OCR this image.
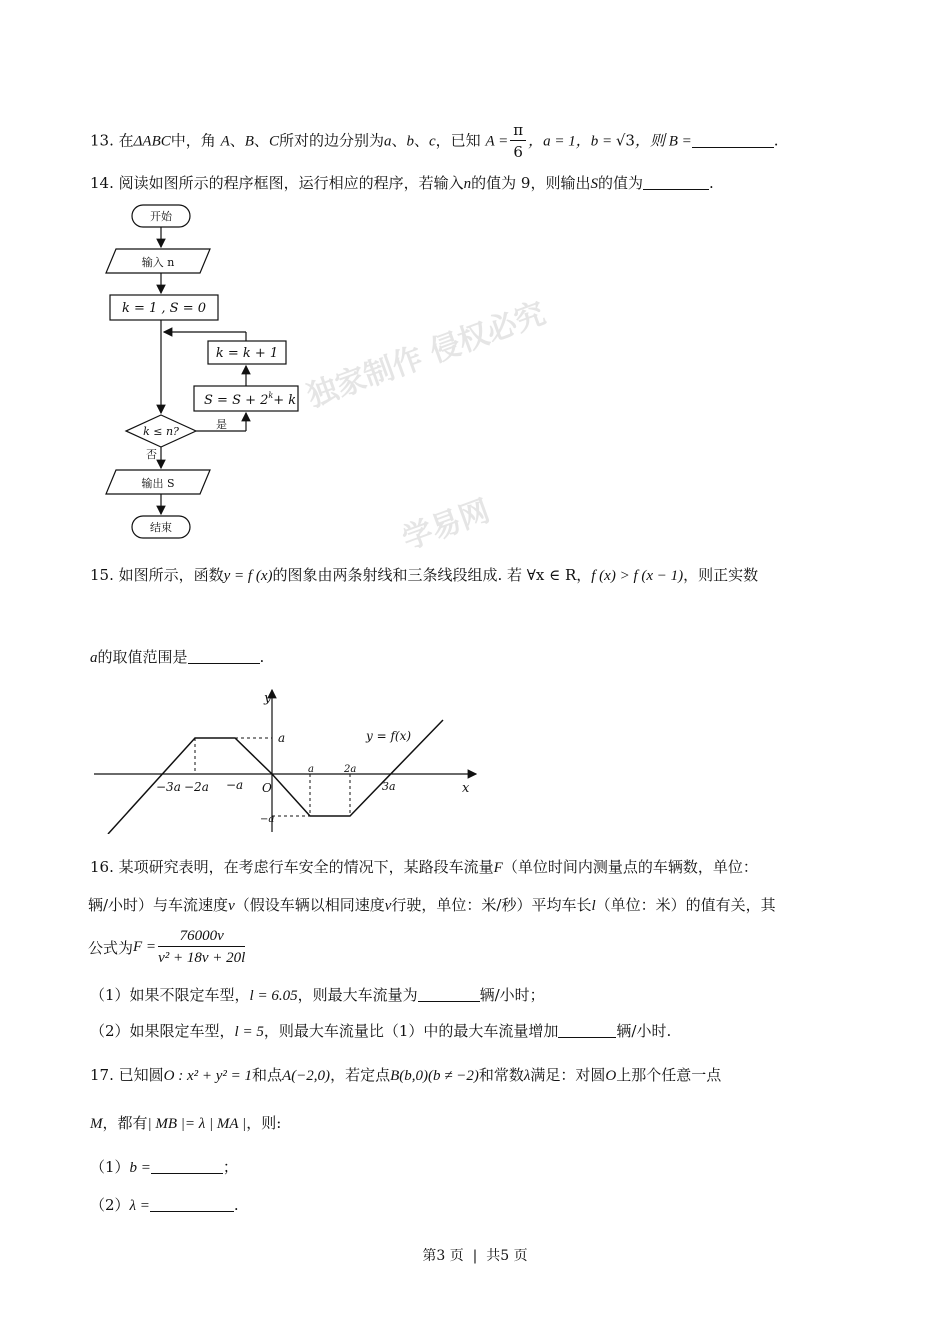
独家制作 侵权必究
学易网
13. 在ΔABC中，角 A、B、C所对的边分别为a、b、c，已知 $A = \frac{\pi}{6}$ ，a = 1，b = √3，则 B =	.
14. 阅读如图所示的程序框图，运行相应的程序，若输入n的值为 9，则输出S的值为	.
开始
输入 n
k = 1 , S = 0
k = k + 1
$S = S + 2^k+ k$
k ≤ n?
是
否
输出 S
结束
15. 如图所示，函数y = f (x)的图象由两条射线和三条线段组成. 若 ∀x ∈ R，f (x) > f (x − 1)，则正实数
a的取值范围是	.
−3a −2a −a O
a	2a
3a
a
−a
y
x
y = f(x)
16. 某项研究表明，在考虑行车安全的情况下，某路段车流量F（单位时间内测量点的车辆数，单位：
辆/小时）与车流速度v（假设车辆以相同速度v行驶，单位：米/秒）平均车长l（单位：米）的值有关，其
公式为$F = \frac{76000v}{\text{v² + 18v + 20l}}$
（1）如果不限定车型，l = 6.05，则最大车流量为	辆/小时；
（2）如果限定车型，l = 5，则最大车流量比（1）中的最大车流量增加	辆/小时.
17. 已知圆O : x² + y² = 1和点A(−2,0)，若定点B(b,0)(b ≠ −2)和常数λ满足：对圆O上那个任意一点
M，都有| MB |= λ | MA |，则:
（1）b =	；
（2）λ =	.
第3 页 | 共5 页
